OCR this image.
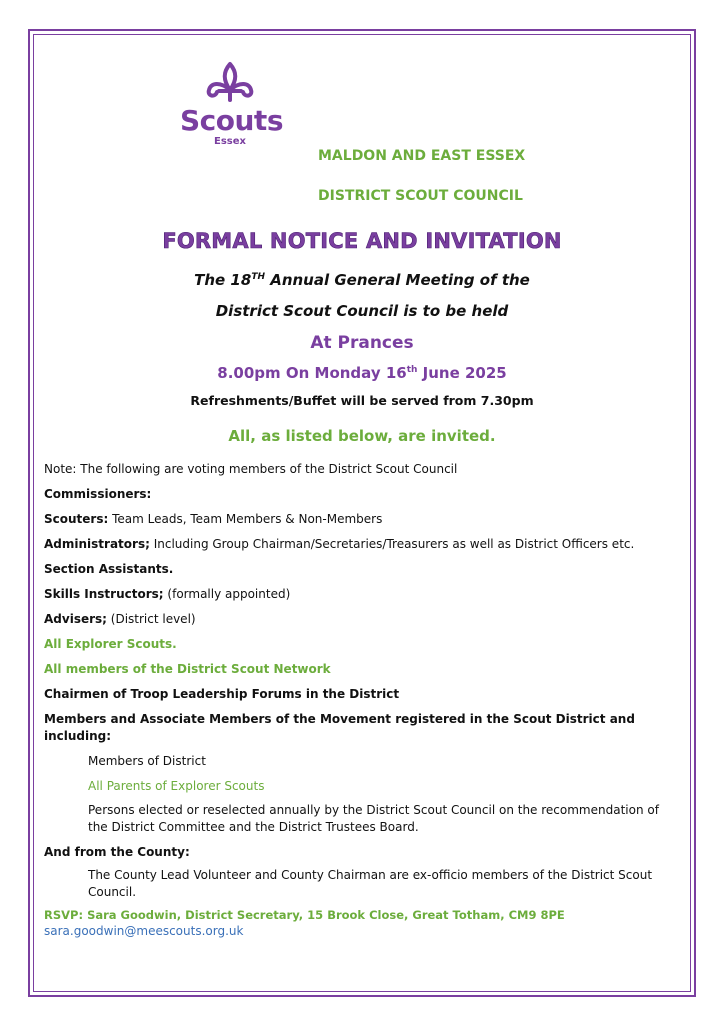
Scouts
Essex
MALDON AND EAST ESSEX
DISTRICT SCOUT COUNCIL
FORMAL NOTICE AND INVITATION
The 18TH Annual General Meeting of the
District Scout Council is to be held
At Prances
8.00pm On Monday 16th June 2025
Refreshments/Buffet will be served from 7.30pm
All, as listed below, are invited.
Note: The following are voting members of the District Scout Council
Commissioners:
Scouters: Team Leads, Team Members & Non-Members
Administrators; Including Group Chairman/Secretaries/Treasurers as well as District Officers etc.
Section Assistants.
Skills Instructors; (formally appointed)
Advisers; (District level)
All Explorer Scouts.
All members of the District Scout Network
Chairmen of Troop Leadership Forums in the District
Members and Associate Members of the Movement registered in the Scout District and including:
Members of District
All Parents of Explorer Scouts
Persons elected or reselected annually by the District Scout Council on the recommendation of the District Committee and the District Trustees Board.
And from the County:
The County Lead Volunteer and County Chairman are ex-officio members of the District Scout Council.
RSVP: Sara Goodwin, District Secretary, 15 Brook Close, Great Totham, CM9 8PE
sara.goodwin@meescouts.org.uk
